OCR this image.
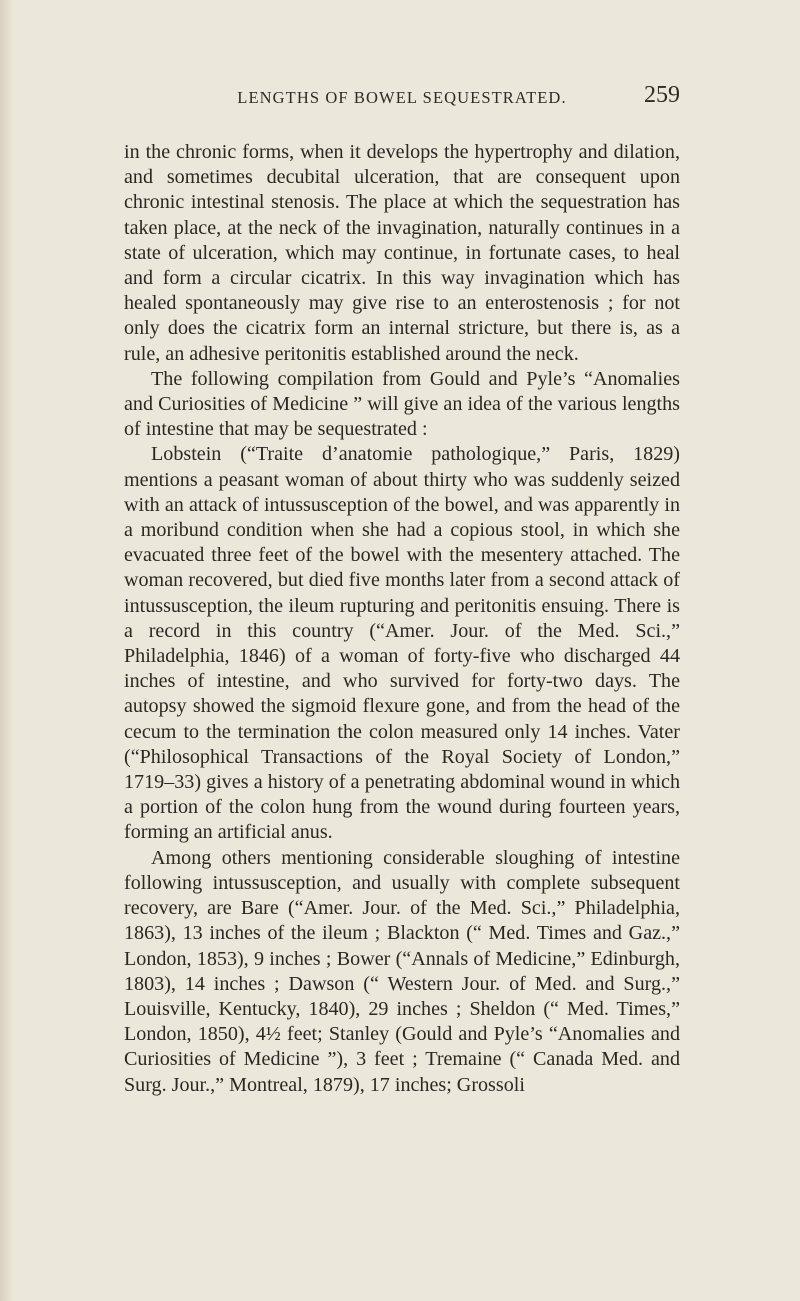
LENGTHS OF BOWEL SEQUESTRATED.	259

in the chronic forms, when it develops the hypertrophy and dilation, and sometimes decubital ulceration, that are consequent upon chronic intestinal stenosis. The place at which the sequestration has taken place, at the neck of the invagination, naturally continues in a state of ulceration, which may continue, in fortunate cases, to heal and form a circular cicatrix. In this way invagination which has healed spontaneously may give rise to an enterostenosis ; for not only does the cicatrix form an internal stricture, but there is, as a rule, an adhesive peritonitis established around the neck.

The following compilation from Gould and Pyle’s “Anomalies and Curiosities of Medicine ” will give an idea of the various lengths of intestine that may be sequestrated :

Lobstein (“Traite d’anatomie pathologique,” Paris, 1829) mentions a peasant woman of about thirty who was suddenly seized with an attack of intussusception of the bowel, and was apparently in a moribund condition when she had a copious stool, in which she evacuated three feet of the bowel with the mesentery attached. The woman recovered, but died five months later from a second attack of intussusception, the ileum rupturing and peritonitis ensuing. There is a record in this country (“Amer. Jour. of the Med. Sci.,” Philadelphia, 1846) of a woman of forty-five who discharged 44 inches of intestine, and who survived for forty-two days. The autopsy showed the sigmoid flexure gone, and from the head of the cecum to the termination the colon measured only 14 inches. Vater (“Philosophical Transactions of the Royal Society of London,” 1719–33) gives a history of a penetrating abdominal wound in which a portion of the colon hung from the wound during fourteen years, forming an artificial anus.

Among others mentioning considerable sloughing of intestine following intussusception, and usually with complete subsequent recovery, are Bare (“Amer. Jour. of the Med. Sci.,” Philadelphia, 1863), 13 inches of the ileum ; Blackton (“ Med. Times and Gaz.,” London, 1853), 9 inches ; Bower (“Annals of Medicine,” Edinburgh, 1803), 14 inches ; Dawson (“ Western Jour. of Med. and Surg.,” Louisville, Kentucky, 1840), 29 inches ; Sheldon (“ Med. Times,” London, 1850), 4½ feet; Stanley (Gould and Pyle’s “Anomalies and Curiosities of Medicine ”), 3 feet ; Tremaine (“ Canada Med. and Surg. Jour.,” Montreal, 1879), 17 inches; Grossoli
